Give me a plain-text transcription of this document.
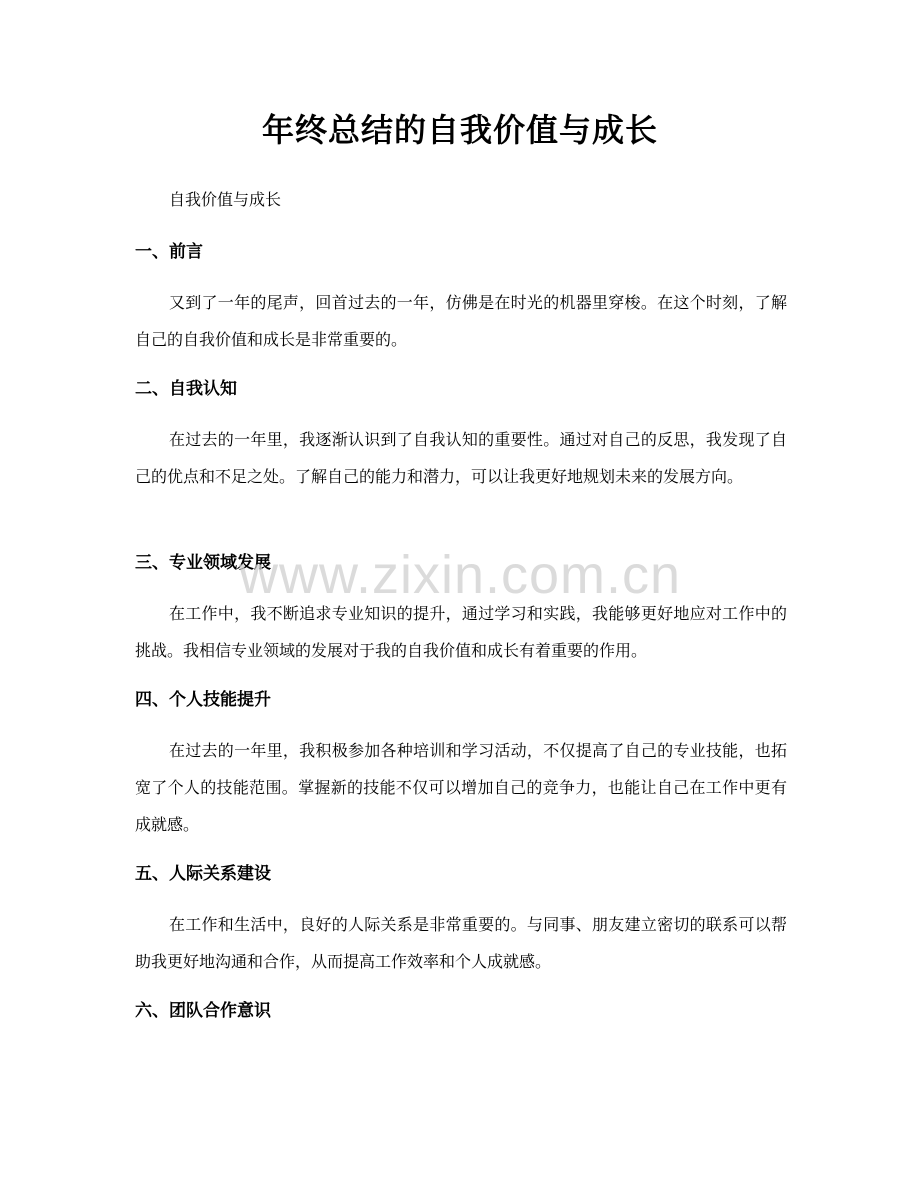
年终总结的自我价值与成长

自我价值与成长

一、前言

又到了一年的尾声，回首过去的一年，仿佛是在时光的机器里穿梭。在这个时刻，了解自己的自我价值和成长是非常重要的。

二、自我认知

在过去的一年里，我逐渐认识到了自我认知的重要性。通过对自己的反思，我发现了自己的优点和不足之处。了解自己的能力和潜力，可以让我更好地规划未来的发展方向。

三、专业领域发展

在工作中，我不断追求专业知识的提升，通过学习和实践，我能够更好地应对工作中的挑战。我相信专业领域的发展对于我的自我价值和成长有着重要的作用。

四、个人技能提升

在过去的一年里，我积极参加各种培训和学习活动，不仅提高了自己的专业技能，也拓宽了个人的技能范围。掌握新的技能不仅可以增加自己的竞争力，也能让自己在工作中更有成就感。

五、人际关系建设

在工作和生活中，良好的人际关系是非常重要的。与同事、朋友建立密切的联系可以帮助我更好地沟通和合作，从而提高工作效率和个人成就感。

六、团队合作意识
www.zixin.com.cn
